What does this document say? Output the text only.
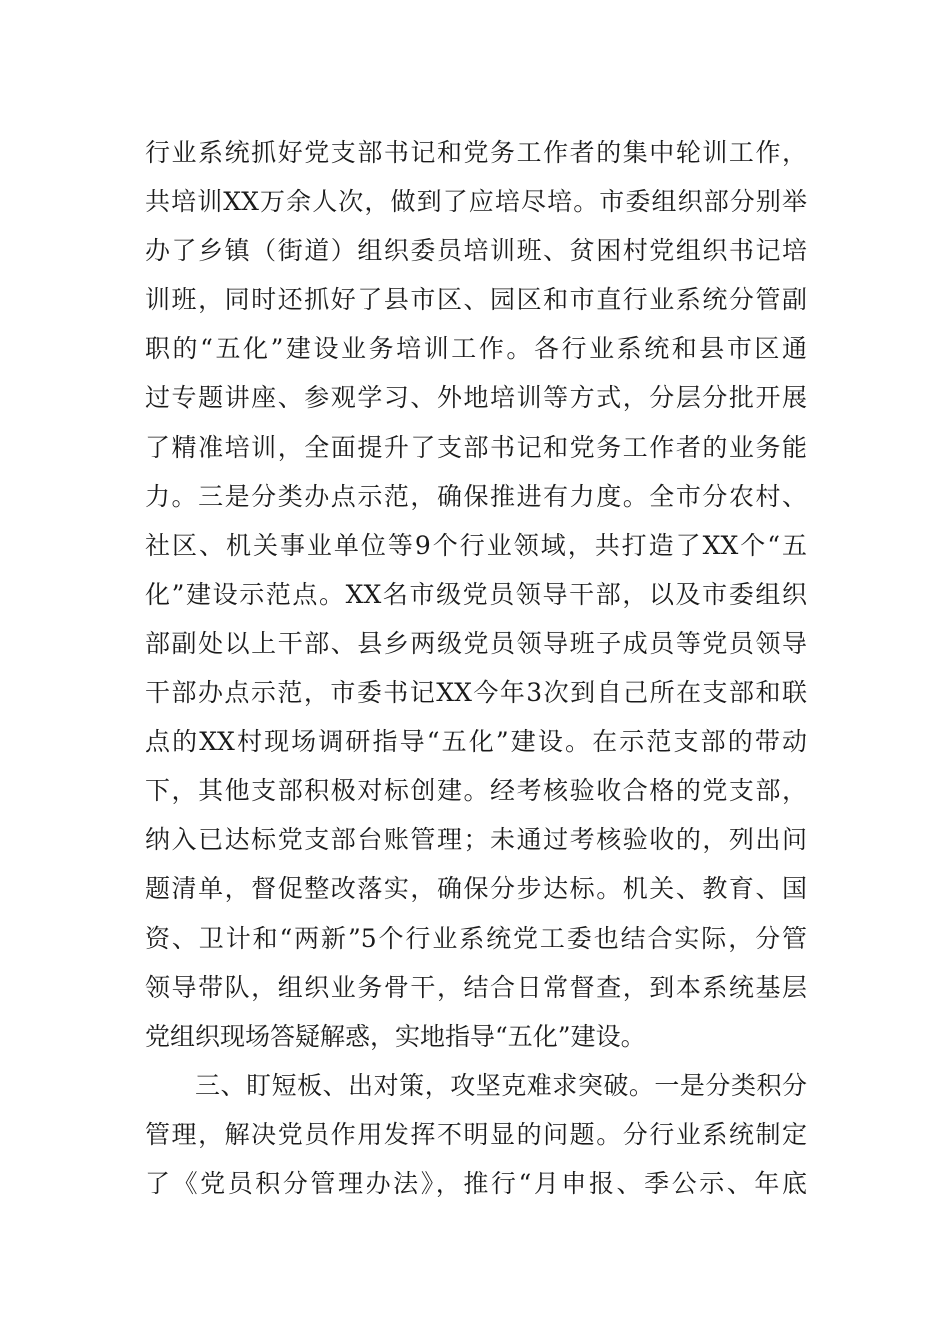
行业系统抓好党支部书记和党务工作者的集中轮训工作，
共培训XX万余人次，做到了应培尽培。市委组织部分别举
办了乡镇（街道）组织委员培训班、贫困村党组织书记培
训班，同时还抓好了县市区、园区和市直行业系统分管副
职的“五化”建设业务培训工作。各行业系统和县市区通
过专题讲座、参观学习、外地培训等方式，分层分批开展
了精准培训，全面提升了支部书记和党务工作者的业务能
力。三是分类办点示范，确保推进有力度。全市分农村、
社区、机关事业单位等9个行业领域，共打造了XX个“五
化”建设示范点。XX名市级党员领导干部，以及市委组织
部副处以上干部、县乡两级党员领导班子成员等党员领导
干部办点示范，市委书记XX今年3次到自己所在支部和联
点的XX村现场调研指导“五化”建设。在示范支部的带动
下，其他支部积极对标创建。经考核验收合格的党支部，
纳入已达标党支部台账管理；未通过考核验收的，列出问
题清单，督促整改落实，确保分步达标。机关、教育、国
资、卫计和“两新”5个行业系统党工委也结合实际，分管
领导带队，组织业务骨干，结合日常督查，到本系统基层
党组织现场答疑解惑，实地指导“五化”建设。
三、盯短板、出对策，攻坚克难求突破。一是分类积分
管理，解决党员作用发挥不明显的问题。分行业系统制定
了《党员积分管理办法》，推行“月申报、季公示、年底
